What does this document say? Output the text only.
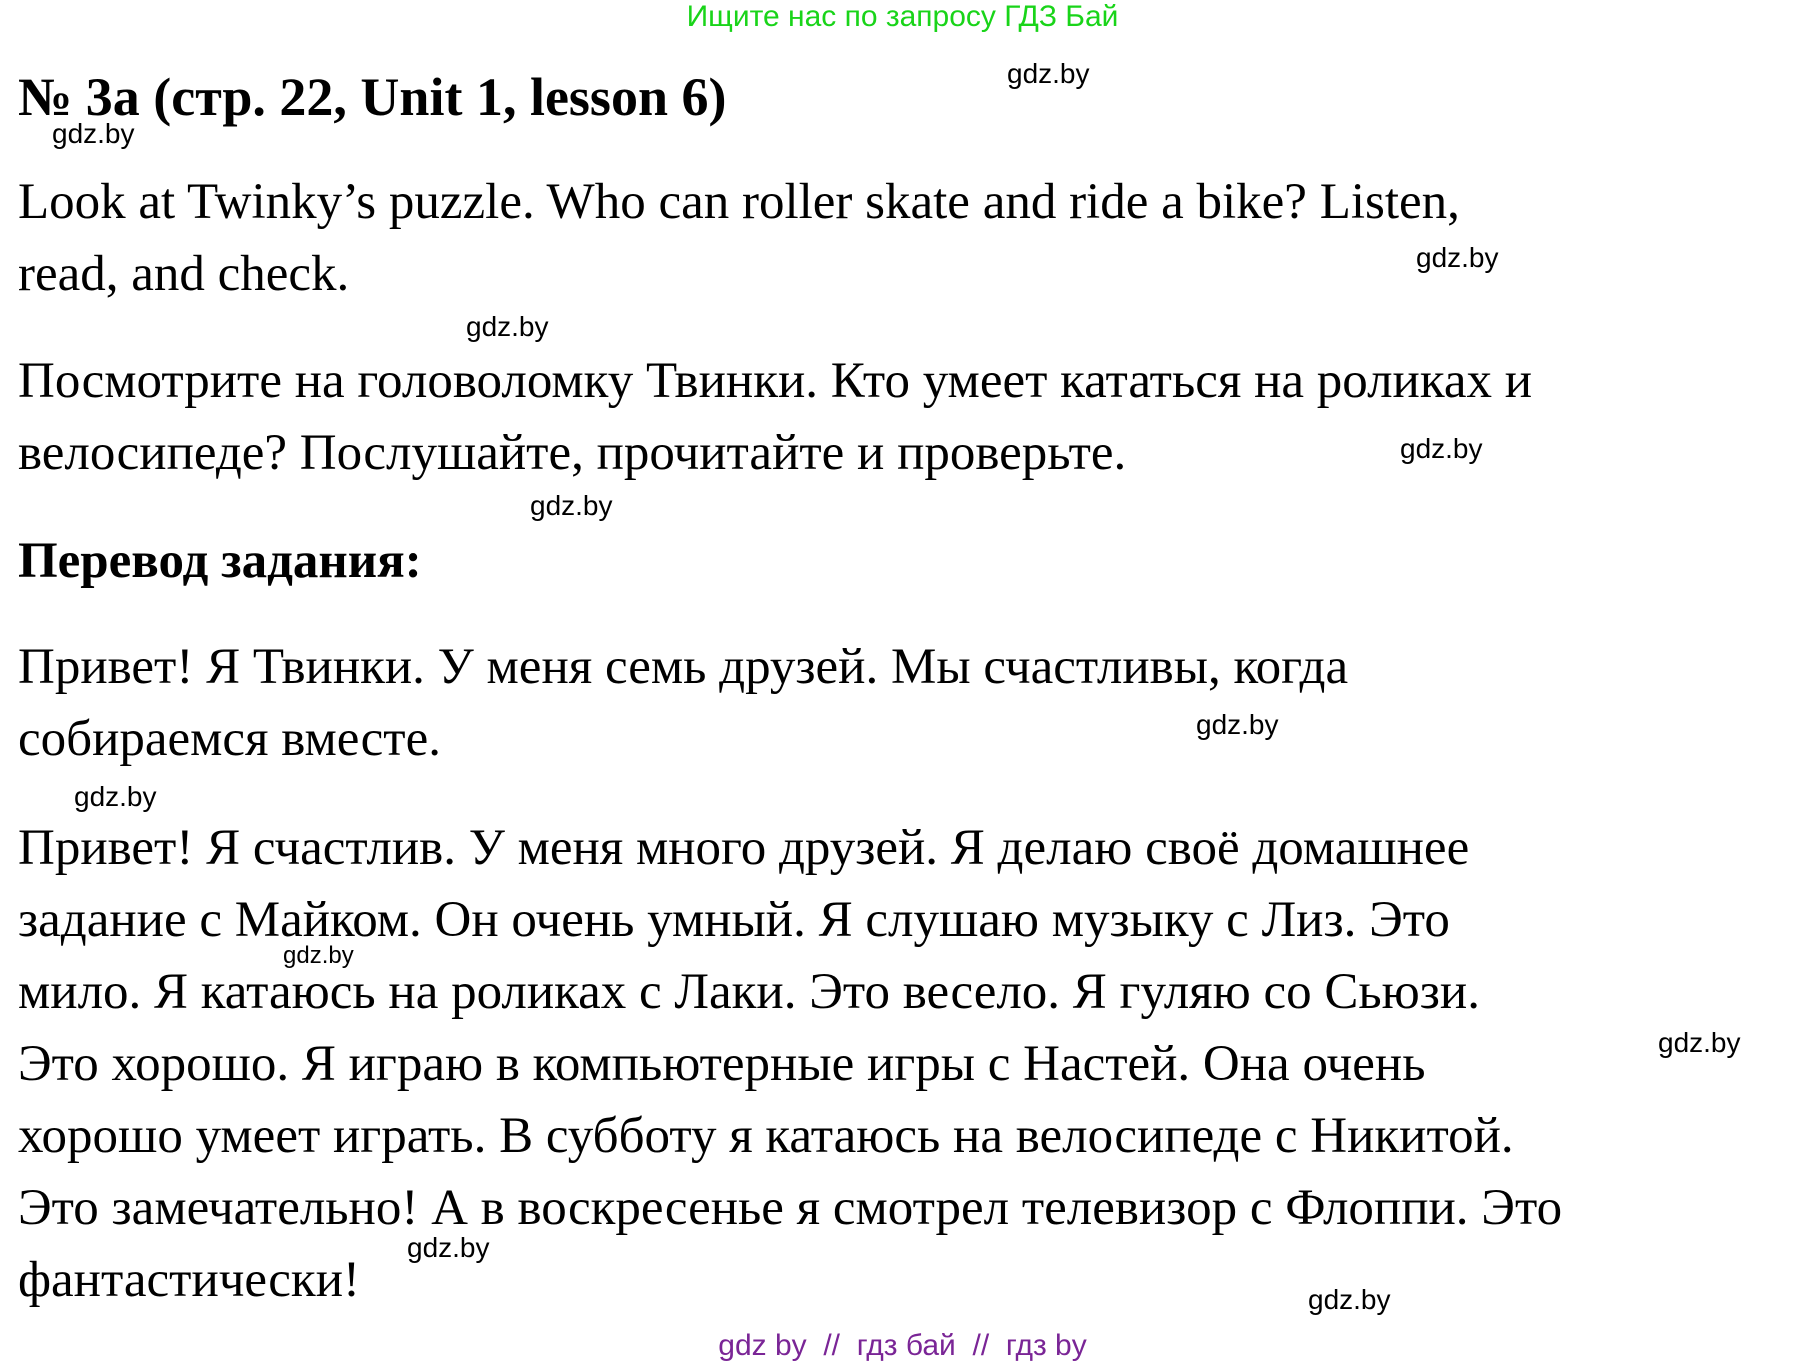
Ищите нас по запросу ГДЗ Бай
№ 3а (стр. 22, Unit 1, lesson 6)
Look at Twinky’s puzzle. Who can roller skate and ride a bike? Listen,
read, and check.
Посмотрите на головоломку Твинки. Кто умеет кататься на роликах и
велосипеде? Послушайте, прочитайте и проверьте.
Перевод задания:
Привет! Я Твинки. У меня семь друзей. Мы счастливы, когда
собираемся вместе.
Привет! Я счастлив. У меня много друзей. Я делаю своё домашнее
задание с Майком. Он очень умный. Я слушаю музыку с Лиз. Это
мило. Я катаюсь на роликах с Лаки. Это весело. Я гуляю со Сьюзи.
Это хорошо. Я играю в компьютерные игры с Настей. Она очень
хорошо умеет играть. В субботу я катаюсь на велосипеде с Никитой.
Это замечательно! А в воскресенье я смотрел телевизор с Флоппи. Это
фантастически!
gdz.by
gdz.by
gdz.by
gdz.by
gdz.by
gdz.by
gdz.by
gdz.by
gdz.by
gdz.by
gdz.by
gdz.by
gdz by // гдз бай // гдз by
